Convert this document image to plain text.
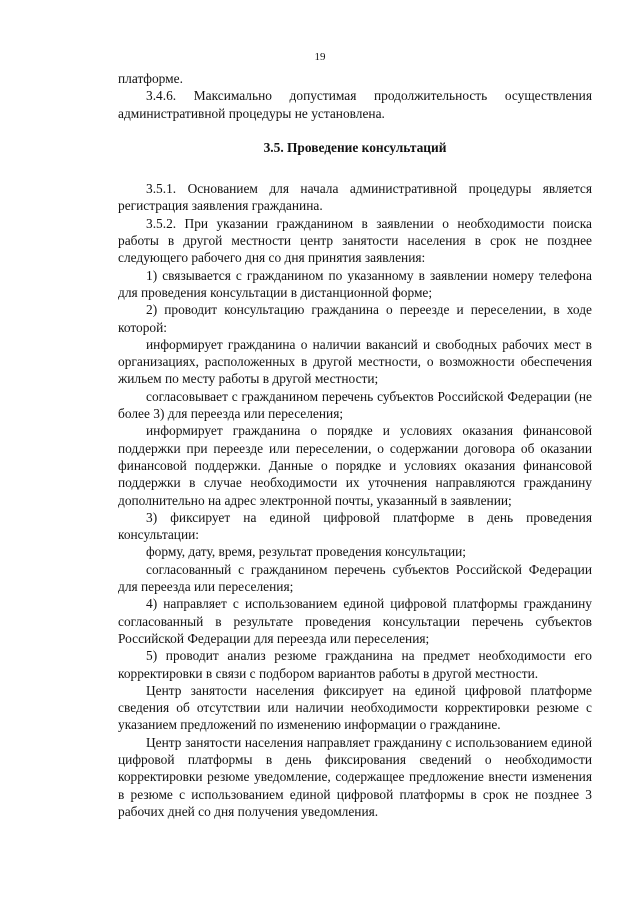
19

платформе.

3.4.6. Максимально допустимая продолжительность осуществления административной процедуры не установлена.

3.5. Проведение консультаций

3.5.1. Основанием для начала административной процедуры является регистрация заявления гражданина.

3.5.2. При указании гражданином в заявлении о необходимости поиска работы в другой местности центр занятости населения в срок не позднее следующего рабочего дня со дня принятия заявления:

1) связывается с гражданином по указанному в заявлении номеру телефона для проведения консультации в дистанционной форме;

2) проводит консультацию гражданина о переезде и переселении, в ходе которой:

информирует гражданина о наличии вакансий и свободных рабочих мест в организациях, расположенных в другой местности, о возможности обеспечения жильем по месту работы в другой местности;

согласовывает с гражданином перечень субъектов Российской Федерации (не более 3) для переезда или переселения;

информирует гражданина о порядке и условиях оказания финансовой поддержки при переезде или переселении, о содержании договора об оказании финансовой поддержки. Данные о порядке и условиях оказания финансовой поддержки в случае необходимости их уточнения направляются гражданину дополнительно на адрес электронной почты, указанный в заявлении;

3) фиксирует на единой цифровой платформе в день проведения консультации:

форму, дату, время, результат проведения консультации;

согласованный с гражданином перечень субъектов Российской Федерации для переезда или переселения;

4) направляет с использованием единой цифровой платформы гражданину согласованный в результате проведения консультации перечень субъектов Российской Федерации для переезда или переселения;

5) проводит анализ резюме гражданина на предмет необходимости его корректировки в связи с подбором вариантов работы в другой местности.

Центр занятости населения фиксирует на единой цифровой платформе сведения об отсутствии или наличии необходимости корректировки резюме с указанием предложений по изменению информации о гражданине.

Центр занятости населения направляет гражданину с использованием единой цифровой платформы в день фиксирования сведений о необходимости корректировки резюме уведомление, содержащее предложение внести изменения в резюме с использованием единой цифровой платформы в срок не позднее 3 рабочих дней со дня получения уведомления.
